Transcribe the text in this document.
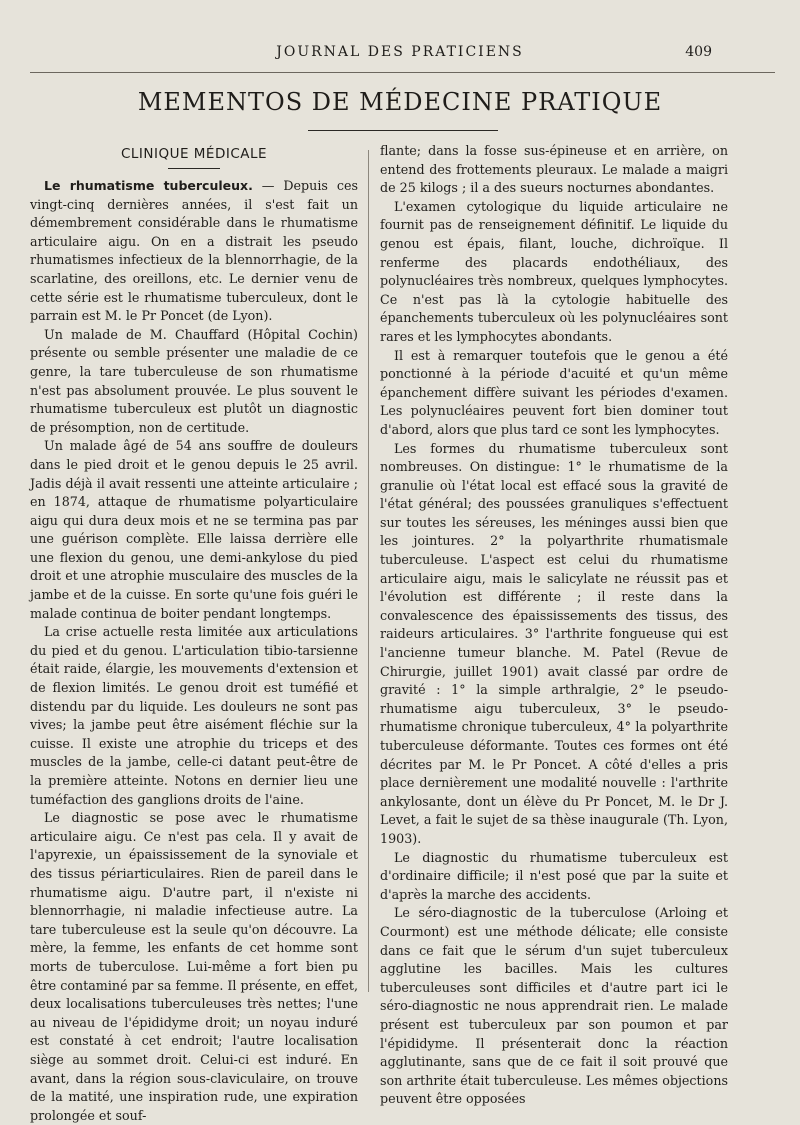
JOURNAL DES PRATICIENS	409
MEMENTOS DE MÉDECINE PRATIQUE
CLINIQUE MÉDICALE

Le rhumatisme tuberculeux. — Depuis ces vingt-cinq dernières années, il s'est fait un démembrement considérable dans le rhumatisme articulaire aigu. On en a distrait les pseudo rhumatismes infectieux de la blennorrhagie, de la scarlatine, des oreillons, etc. Le dernier venu de cette série est le rhumatisme tuberculeux, dont le parrain est M. le Pr Poncet (de Lyon).

Un malade de M. Chauffard (Hôpital Cochin) présente ou semble présenter une maladie de ce genre, la tare tuberculeuse de son rhumatisme n'est pas absolument prouvée. Le plus souvent le rhumatisme tuberculeux est plutôt un diagnostic de présomption, non de certitude.

Un malade âgé de 54 ans souffre de douleurs dans le pied droit et le genou depuis le 25 avril. Jadis déjà il avait ressenti une atteinte articulaire ; en 1874, attaque de rhumatisme polyarticulaire aigu qui dura deux mois et ne se termina pas par une guérison complète. Elle laissa derrière elle une flexion du genou, une demi-ankylose du pied droit et une atrophie musculaire des muscles de la jambe et de la cuisse. En sorte qu'une fois guéri le malade continua de boiter pendant longtemps.

La crise actuelle resta limitée aux articulations du pied et du genou. L'articulation tibio-tarsienne était raide, élargie, les mouvements d'extension et de flexion limités. Le genou droit est tuméfié et distendu par du liquide. Les douleurs ne sont pas vives; la jambe peut être aisément fléchie sur la cuisse. Il existe une atrophie du triceps et des muscles de la jambe, celle-ci datant peut-être de la première atteinte. Notons en dernier lieu une tuméfaction des ganglions droits de l'aine.

Le diagnostic se pose avec le rhumatisme articulaire aigu. Ce n'est pas cela. Il y avait de l'apyrexie, un épaississement de la synoviale et des tissus périarticulaires. Rien de pareil dans le rhumatisme aigu. D'autre part, il n'existe ni blennorrhagie, ni maladie infectieuse autre. La tare tuberculeuse est la seule qu'on découvre. La mère, la femme, les enfants de cet homme sont morts de tuberculose. Lui-même a fort bien pu être contaminé par sa femme. Il présente, en effet, deux localisations tuberculeuses très nettes; l'une au niveau de l'épididyme droit; un noyau induré est constaté à cet endroit; l'autre localisation siège au sommet droit. Celui-ci est induré. En avant, dans la région sous-claviculaire, on trouve de la matité, une inspiration rude, une expiration prolongée et souf-

flante; dans la fosse sus-épineuse et en arrière, on entend des frottements pleuraux. Le malade a maigri de 25 kilogs ; il a des sueurs nocturnes abondantes.

L'examen cytologique du liquide articulaire ne fournit pas de renseignement définitif. Le liquide du genou est épais, filant, louche, dichroïque. Il renferme des placards endothéliaux, des polynucléaires très nombreux, quelques lymphocytes. Ce n'est pas là la cytologie habituelle des épanchements tuberculeux où les polynucléaires sont rares et les lymphocytes abondants.

Il est à remarquer toutefois que le genou a été ponctionné à la période d'acuité et qu'un même épanchement diffère suivant les périodes d'examen. Les polynucléaires peuvent fort bien dominer tout d'abord, alors que plus tard ce sont les lymphocytes.

Les formes du rhumatisme tuberculeux sont nombreuses. On distingue: 1° le rhumatisme de la granulie où l'état local est effacé sous la gravité de l'état général; des poussées granuliques s'effectuent sur toutes les séreuses, les méninges aussi bien que les jointures. 2° la polyarthrite rhumatismale tuberculeuse. L'aspect est celui du rhumatisme articulaire aigu, mais le salicylate ne réussit pas et l'évolution est différente ; il reste dans la convalescence des épaississements des tissus, des raideurs articulaires. 3° l'arthrite fongueuse qui est l'ancienne tumeur blanche. M. Patel (Revue de Chirurgie, juillet 1901) avait classé par ordre de gravité : 1° la simple arthralgie, 2° le pseudo-rhumatisme aigu tuberculeux, 3° le pseudo-rhumatisme chronique tuberculeux, 4° la polyarthrite tuberculeuse déformante. Toutes ces formes ont été décrites par M. le Pr Poncet. A côté d'elles a pris place dernièrement une modalité nouvelle : l'arthrite ankylosante, dont un élève du Pr Poncet, M. le Dr J. Levet, a fait le sujet de sa thèse inaugurale (Th. Lyon, 1903).

Le diagnostic du rhumatisme tuberculeux est d'ordinaire difficile; il n'est posé que par la suite et d'après la marche des accidents.

Le séro-diagnostic de la tuberculose (Arloing et Courmont) est une méthode délicate; elle consiste dans ce fait que le sérum d'un sujet tuberculeux agglutine les bacilles. Mais les cultures tuberculeuses sont difficiles et d'autre part ici le séro-diagnostic ne nous apprendrait rien. Le malade présent est tuberculeux par son poumon et par l'épididyme. Il présenterait donc la réaction agglutinante, sans que de ce fait il soit prouvé que son arthrite était tuberculeuse. Les mêmes objections peuvent être opposées
